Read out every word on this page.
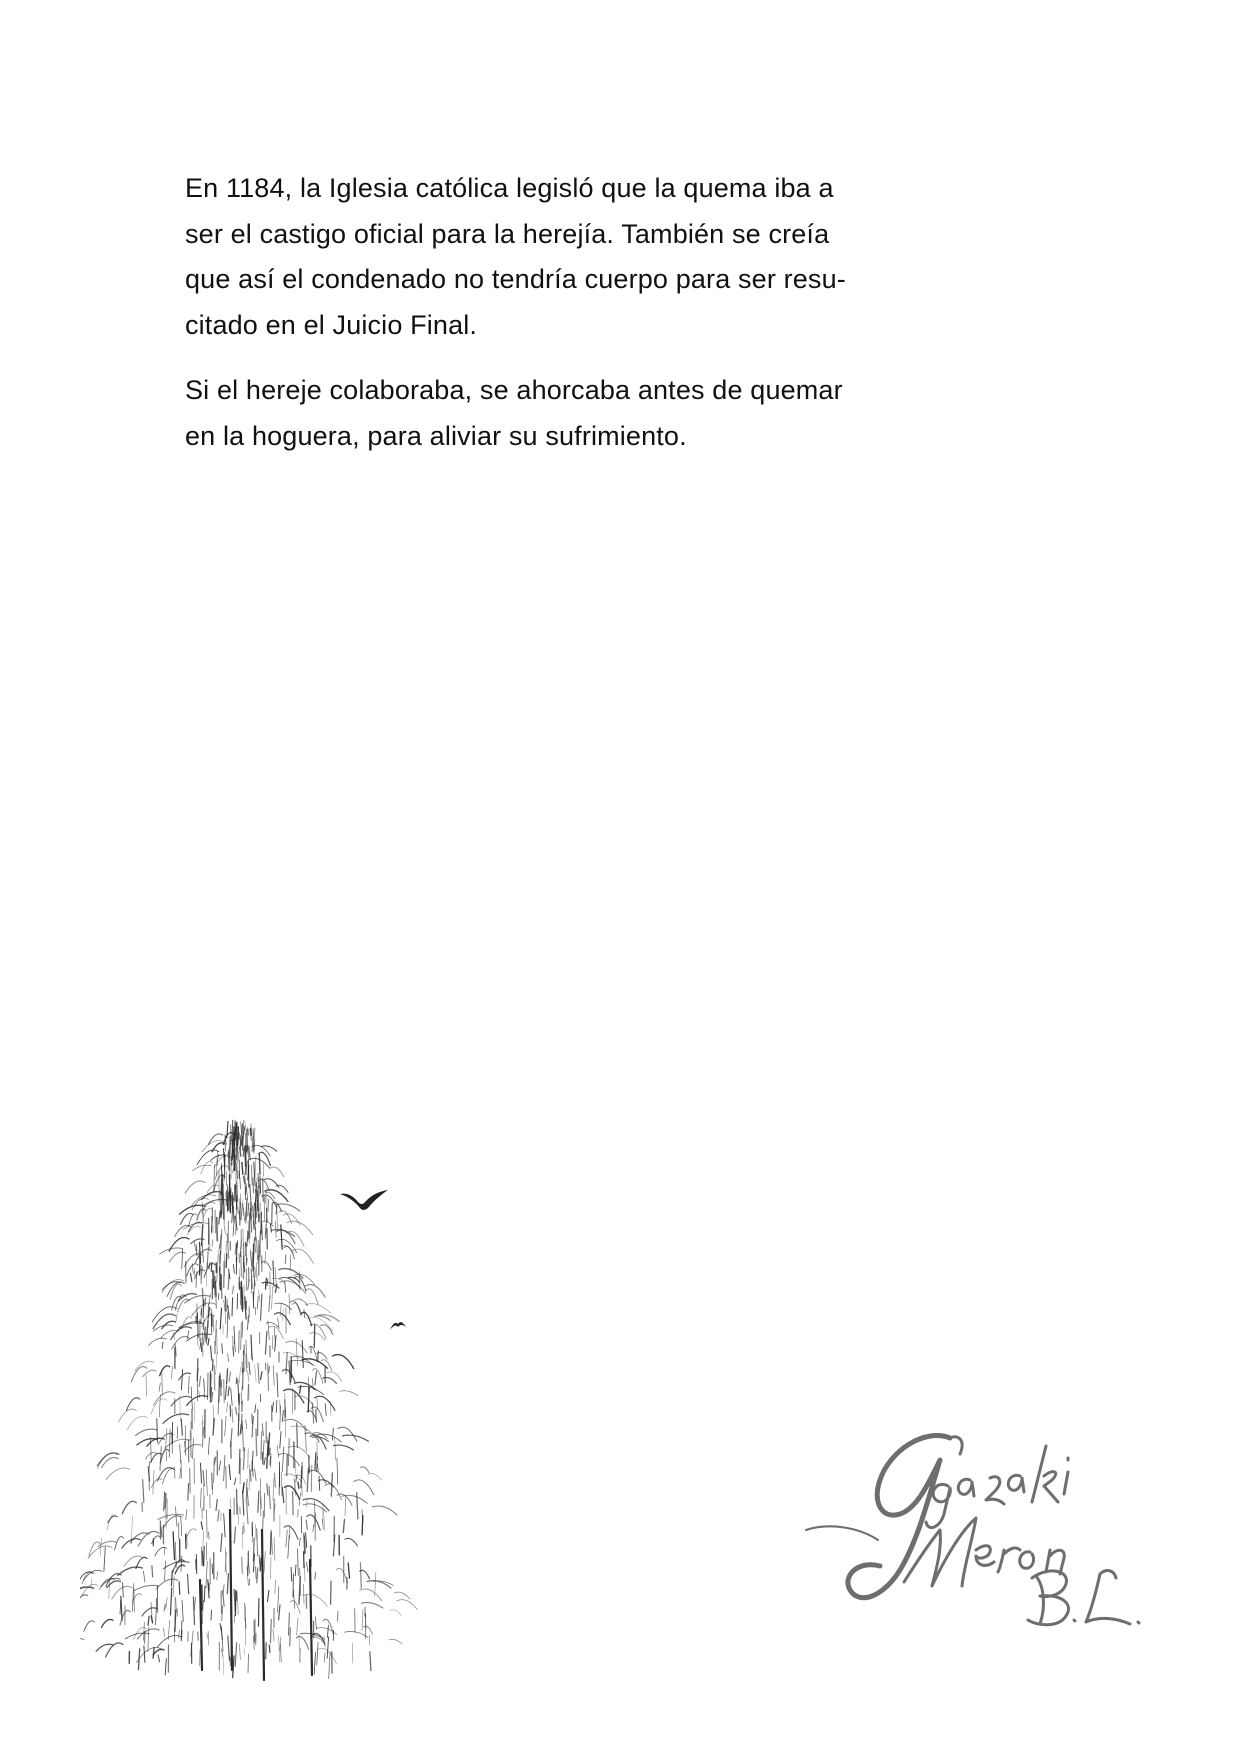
En 1184, la Iglesia católica legisló que la quema iba a
ser el castigo oficial para la herejía. También se creía
que así el condenado no tendría cuerpo para ser resu-
citado en el Juicio Final.

Si el hereje colaboraba, se ahorcaba antes de quemar
en la hoguera, para aliviar su sufrimiento.
